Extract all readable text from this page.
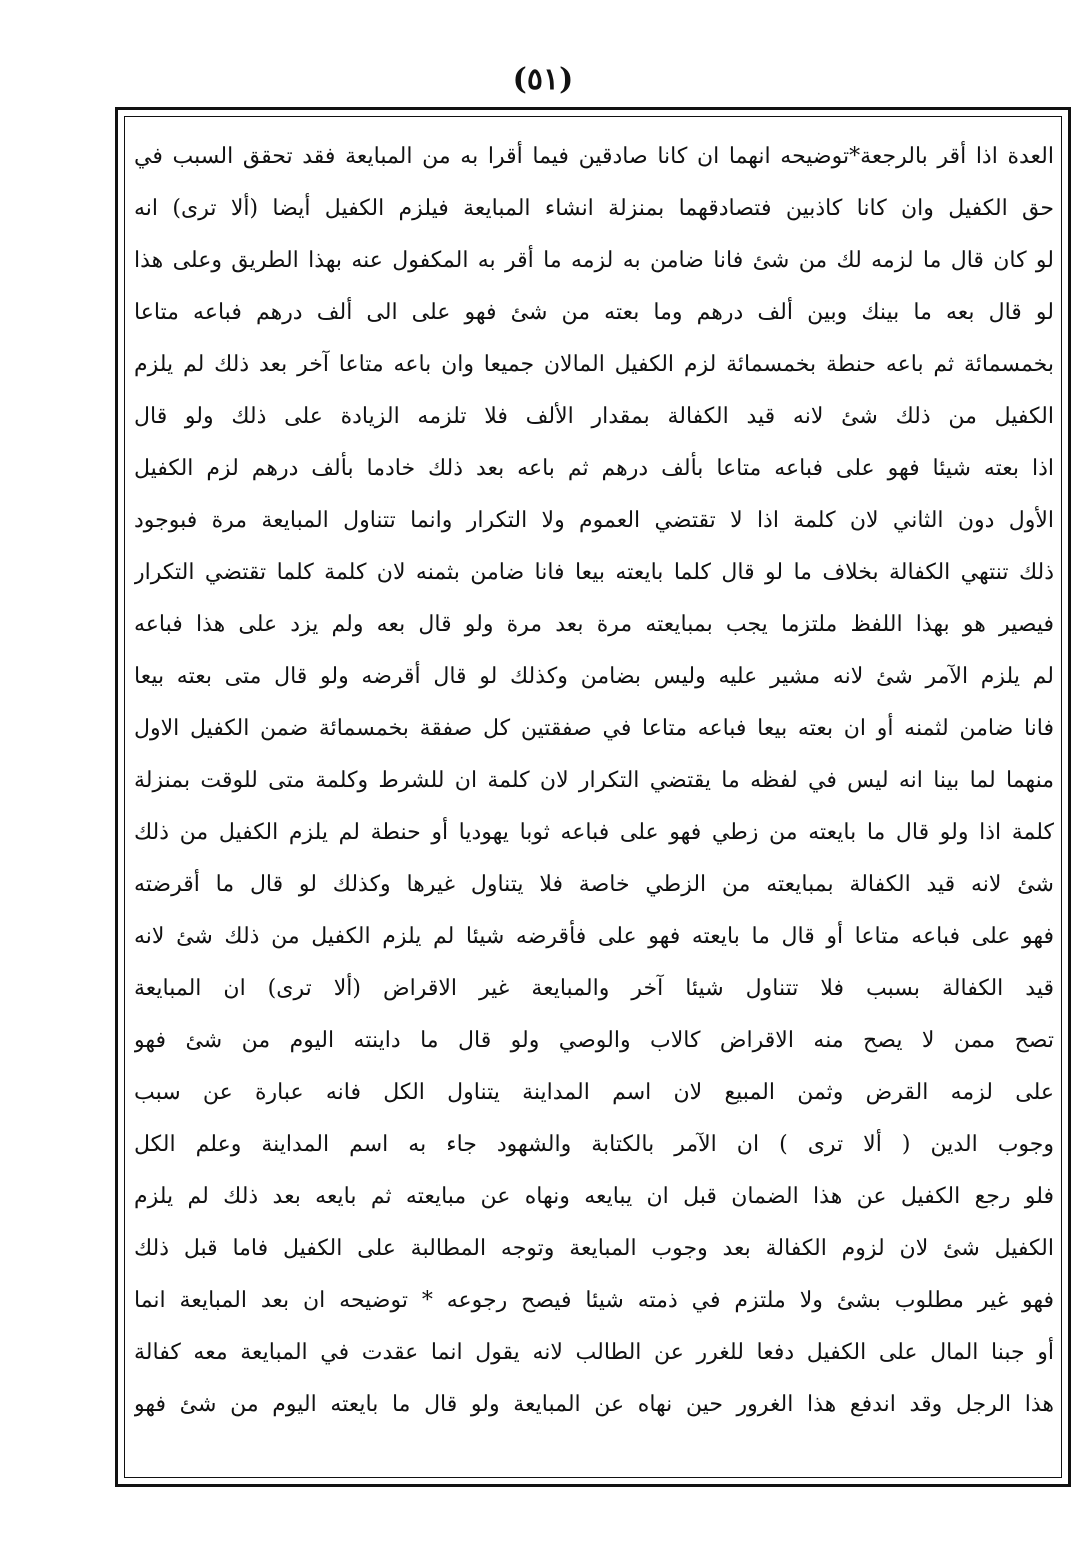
(٥١)
العدة اذا أقر بالرجعة*توضيحه انهما ان كانا صادقين فيما أقرا به من المبايعة فقد تحقق السبب في
حق الكفيل وان كانا كاذبين فتصادقهما بمنزلة انشاء المبايعة فيلزم الكفيل أيضا (ألا ترى) انه
لو كان قال ما لزمه لك من شئ فانا ضامن به لزمه ما أقر به المكفول عنه بهذا الطريق وعلى هذا
لو قال بعه ما بينك وبين ألف درهم وما بعته من شئ فهو على الى ألف درهم فباعه متاعا
بخمسمائة ثم باعه حنطة بخمسمائة لزم الكفيل المالان جميعا وان باعه متاعا آخر بعد ذلك لم يلزم
الكفيل من ذلك شئ لانه قيد الكفالة بمقدار الألف فلا تلزمه الزيادة على ذلك ولو قال
اذا بعته شيئا فهو على فباعه متاعا بألف درهم ثم باعه بعد ذلك خادما بألف درهم لزم الكفيل
الأول دون الثاني لان كلمة اذا لا تقتضي العموم ولا التكرار وانما تتناول المبايعة مرة فبوجود
ذلك تنتهي الكفالة بخلاف ما لو قال كلما بايعته بيعا فانا ضامن بثمنه لان كلمة كلما تقتضي التكرار
فيصير هو بهذا اللفظ ملتزما يجب بمبايعته مرة بعد مرة ولو قال بعه ولم يزد على هذا فباعه
لم يلزم الآمر شئ لانه مشير عليه وليس بضامن وكذلك لو قال أقرضه ولو قال متى بعته بيعا
فانا ضامن لثمنه أو ان بعته بيعا فباعه متاعا في صفقتين كل صفقة بخمسمائة ضمن الكفيل الاول
منهما لما بينا انه ليس في لفظه ما يقتضي التكرار لان كلمة ان للشرط وكلمة متى للوقت بمنزلة
كلمة اذا ولو قال ما بايعته من زطي فهو على فباعه ثوبا يهوديا أو حنطة لم يلزم الكفيل من ذلك
شئ لانه قيد الكفالة بمبايعته من الزطي خاصة فلا يتناول غيرها وكذلك لو قال ما أقرضته
فهو على فباعه متاعا أو قال ما بايعته فهو على فأقرضه شيئا لم يلزم الكفيل من ذلك شئ لانه
قيد الكفالة بسبب فلا تتناول شيئا آخر والمبايعة غير الاقراض (ألا ترى) ان المبايعة
تصح ممن لا يصح منه الاقراض كالاب والوصي ولو قال ما داينته اليوم من شئ فهو
على لزمه القرض وثمن المبيع لان اسم المداينة يتناول الكل فانه عبارة عن سبب
وجوب الدين ( ألا ترى ) ان الآمر بالكتابة والشهود جاء به اسم المداينة وعلم الكل
فلو رجع الكفيل عن هذا الضمان قبل ان يبايعه ونهاه عن مبايعته ثم بايعه بعد ذلك لم يلزم
الكفيل شئ لان لزوم الكفالة بعد وجوب المبايعة وتوجه المطالبة على الكفيل فاما قبل ذلك
فهو غير مطلوب بشئ ولا ملتزم في ذمته شيئا فيصح رجوعه * توضيحه ان بعد المبايعة انما
أو جبنا المال على الكفيل دفعا للغرر عن الطالب لانه يقول انما عقدت في المبايعة معه كفالة
هذا الرجل وقد اندفع هذا الغرور حين نهاه عن المبايعة ولو قال ما بايعته اليوم من شئ فهو
